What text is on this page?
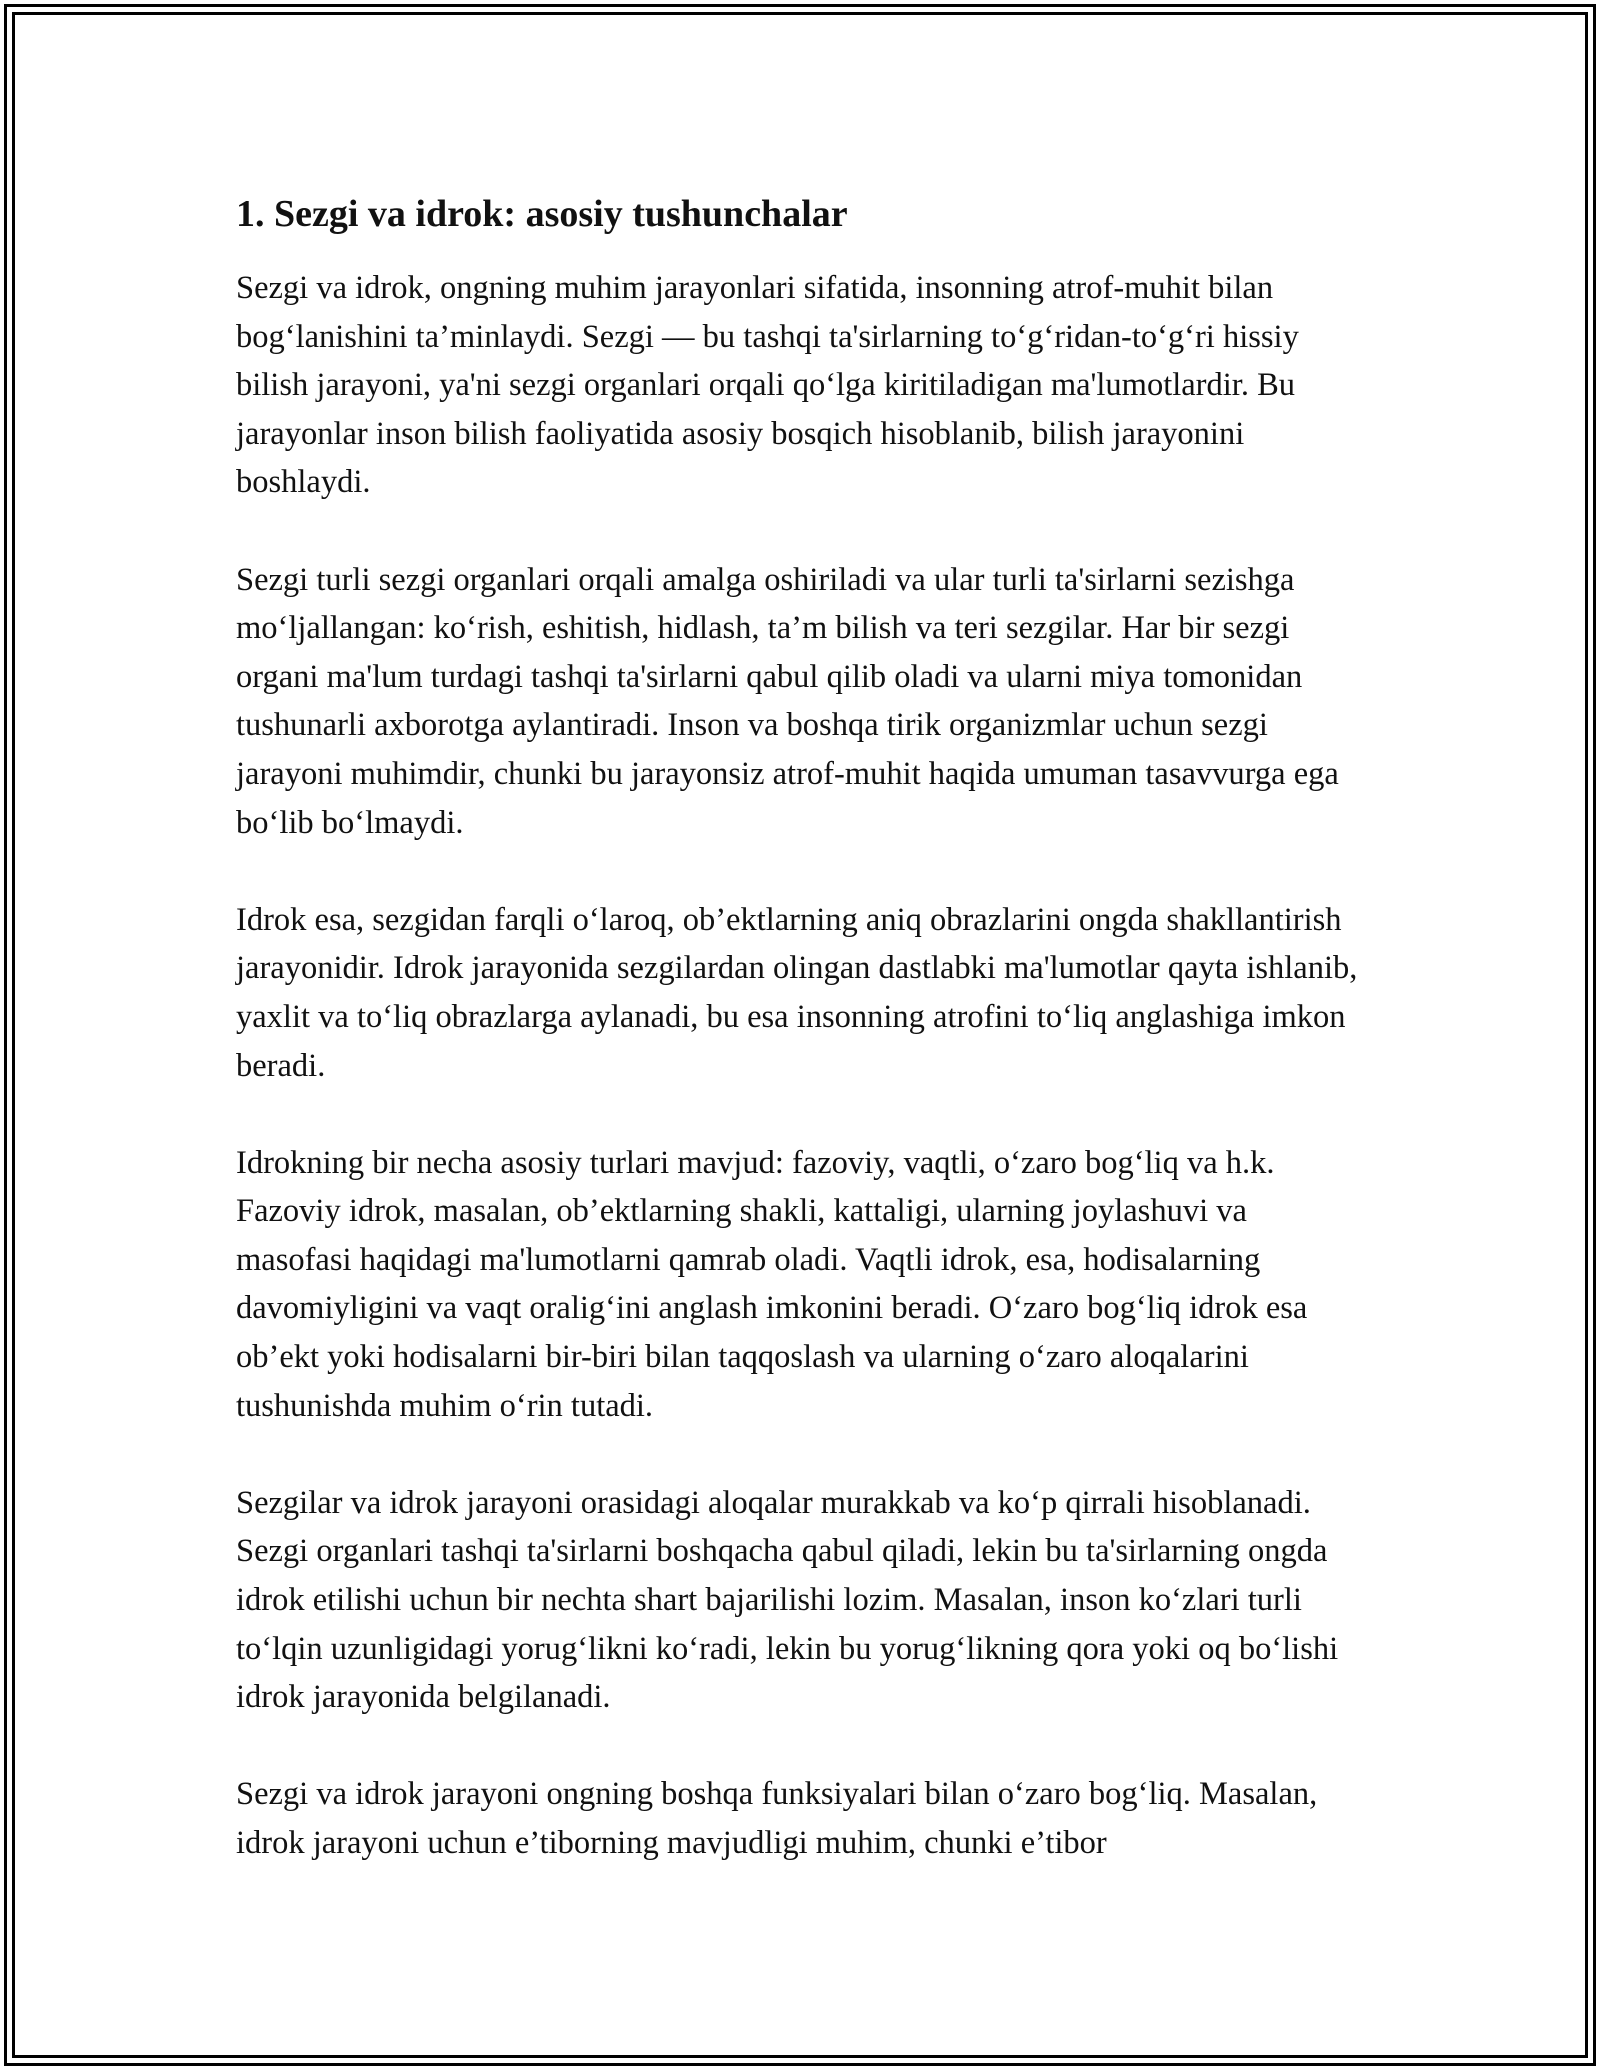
1. Sezgi va idrok: asosiy tushunchalar

Sezgi va idrok, ongning muhim jarayonlari sifatida, insonning atrof-muhit bilan bog‘lanishini ta’minlaydi. Sezgi — bu tashqi ta'sirlarning to‘g‘ridan-to‘g‘ri hissiy bilish jarayoni, ya'ni sezgi organlari orqali qo‘lga kiritiladigan ma'lumotlardir. Bu jarayonlar inson bilish faoliyatida asosiy bosqich hisoblanib, bilish jarayonini boshlaydi.

Sezgi turli sezgi organlari orqali amalga oshiriladi va ular turli ta'sirlarni sezishga mo‘ljallangan: ko‘rish, eshitish, hidlash, ta’m bilish va teri sezgilar. Har bir sezgi organi ma'lum turdagi tashqi ta'sirlarni qabul qilib oladi va ularni miya tomonidan tushunarli axborotga aylantiradi. Inson va boshqa tirik organizmlar uchun sezgi jarayoni muhimdir, chunki bu jarayonsiz atrof-muhit haqida umuman tasavvurga ega bo‘lib bo‘lmaydi.

Idrok esa, sezgidan farqli o‘laroq, ob’ektlarning aniq obrazlarini ongda shakllantirish jarayonidir. Idrok jarayonida sezgilardan olingan dastlabki ma'lumotlar qayta ishlanib, yaxlit va to‘liq obrazlarga aylanadi, bu esa insonning atrofini to‘liq anglashiga imkon beradi.

Idrokning bir necha asosiy turlari mavjud: fazoviy, vaqtli, o‘zaro bog‘liq va h.k. Fazoviy idrok, masalan, ob’ektlarning shakli, kattaligi, ularning joylashuvi va masofasi haqidagi ma'lumotlarni qamrab oladi. Vaqtli idrok, esa, hodisalarning davomiyligini va vaqt oralig‘ini anglash imkonini beradi. O‘zaro bog‘liq idrok esa ob’ekt yoki hodisalarni bir-biri bilan taqqoslash va ularning o‘zaro aloqalarini tushunishda muhim o‘rin tutadi.

Sezgilar va idrok jarayoni orasidagi aloqalar murakkab va ko‘p qirrali hisoblanadi. Sezgi organlari tashqi ta'sirlarni boshqacha qabul qiladi, lekin bu ta'sirlarning ongda idrok etilishi uchun bir nechta shart bajarilishi lozim. Masalan, inson ko‘zlari turli to‘lqin uzunligidagi yorug‘likni ko‘radi, lekin bu yorug‘likning qora yoki oq bo‘lishi idrok jarayonida belgilanadi.

Sezgi va idrok jarayoni ongning boshqa funksiyalari bilan o‘zaro bog‘liq. Masalan, idrok jarayoni uchun e’tiborning mavjudligi muhim, chunki e’tibor
